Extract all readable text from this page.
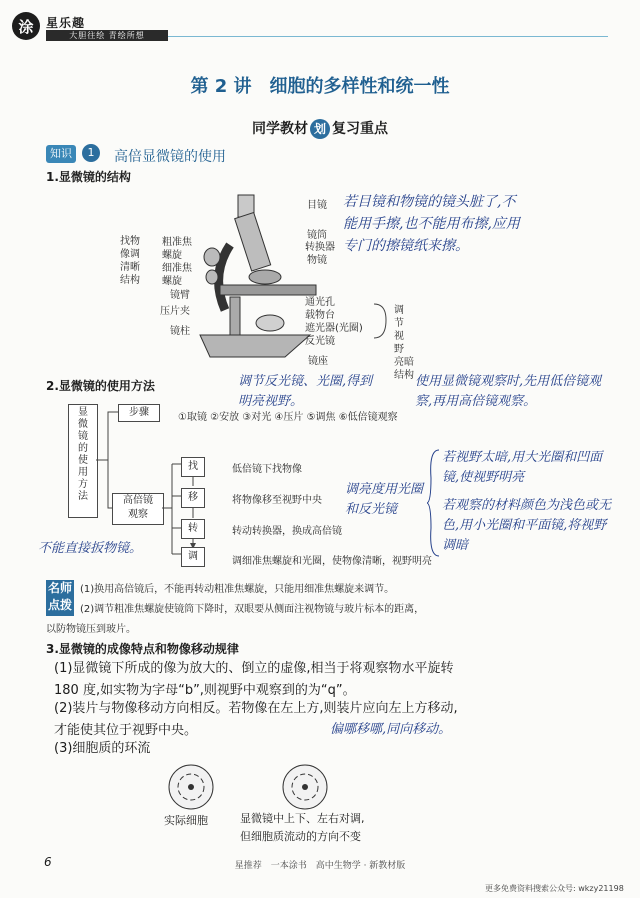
涂	星乐趣
大胆往绘 青绘所想
第 2 讲　细胞的多样性和统一性
同学教材 划 复习重点
知识	1	高倍显微镜的使用
1.显微镜的结构
找物
像调
清晰
结构
粗准焦
螺旋
细准焦
螺旋
镜臂
压片夹
镜柱
目镜
镜筒
转换器
物镜
通光孔
载物台
遮光器(光圈)
反光镜
镜座
调
节
视
野
亮暗
结构
若目镜和物镜的镜头脏了,不能用手擦,也不能用布擦,应用专门的擦镜纸来擦。
2.显微镜的使用方法	调节反光镜、光圈,得到明亮视野。
使用显微镜观察时,先用低倍镜观察,再用高倍镜观察。
显
微
镜
的
使
用
方
法
步骤	①取镜 ②安放 ③对光 ④压片 ⑤调焦 ⑥低倍镜观察
高倍镜
观察
找	低倍镜下找物像
移	将物像移至视野中央
转	转动转换器，换成高倍镜
调	调细准焦螺旋和光圈，使物像清晰，视野明亮
调亮度用光圈和反光镜
不能直接扳物镜。
若视野太暗,用大光圈和凹面镜,使视野明亮
若观察的材料颜色为浅色或无色,用小光圈和平面镜,将视野调暗
名师
点拨
(1)换用高倍镜后，不能再转动粗准焦螺旋，只能用细准焦螺旋来调节。
(2)调节粗准焦螺旋使镜筒下降时，双眼要从侧面注视物镜与玻片标本的距离，
以防物镜压到玻片。
3.显微镜的成像特点和物像移动规律
(1)显微镜下所成的像为放大的、倒立的虚像,相当于将观察物水平旋转
180 度,如实物为字母“b”,则视野中观察到的为“q”。
(2)装片与物像移动方向相反。若物像在左上方,则装片应向左上方移动,
才能使其位于视野中央。
(3)细胞质的环流
偏哪移哪,同向移动。
实际细胞	显微镜中上下、左右对调,
但细胞质流动的方向不变
6	星推荐　一本涂书　高中生物学 · 新教材版
更多免费资料搜索公众号: wkzy21198
